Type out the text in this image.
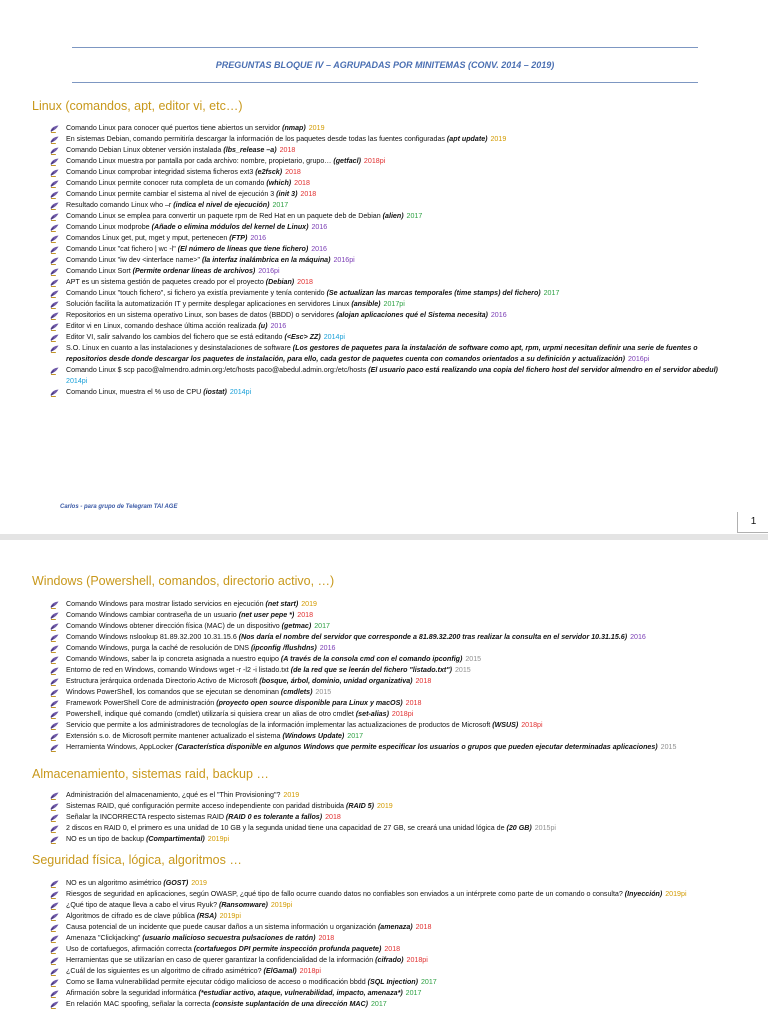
PREGUNTAS BLOQUE IV – AGRUPADAS POR MINITEMAS (CONV. 2014 – 2019)
Linux (comandos, apt, editor vi, etc…)
Comando Linux para conocer qué puertos tiene abiertos un servidor (nmap) 2019
En sistemas Debian, comando permitiría descargar la información de los paquetes desde todas las fuentes configuradas (apt update) 2019
Comando Debian Linux obtener versión instalada (lbs_release –a) 2018
Comando Linux muestra por pantalla por cada archivo: nombre, propietario, grupo… (getfacl) 2018pi
Comando Linux comprobar integridad sistema ficheros ext3 (e2fsck) 2018
Comando Linux permite conocer ruta completa de un comando (which) 2018
Comando Linux permite cambiar el sistema al nivel de ejecución 3 (init 3) 2018
Resultado comando Linux who –r (indica el nivel de ejecución) 2017
Comando Linux se emplea para convertir un paquete rpm de Red Hat en un paquete deb de Debian (alien) 2017
Comando Linux modprobe (Añade o elimina módulos del kernel de Linux) 2016
Comandos Linux get, put, mget y mput, pertenecen (FTP) 2016
Comando Linux "cat fichero | wc -l" (El número de líneas que tiene fichero) 2016
Comando Linux "iw dev <interface name>" (la interfaz inalámbrica en la máquina) 2016pi
Comando Linux Sort (Permite ordenar líneas de archivos) 2016pi
APT es un sistema gestión de paquetes creado por el proyecto (Debian) 2018
Comando Linux "touch fichero", si fichero ya existía previamente y tenía contenido (Se actualizan las marcas temporales (time stamps) del fichero) 2017
Solución facilita la automatización IT y permite desplegar aplicaciones en servidores Linux (ansible) 2017pi
Repositorios en un sistema operativo Linux, son bases de datos (BBDD) o servidores (alojan aplicaciones qué el Sistema necesita) 2016
Editor vi en Linux, comando deshace última acción realizada (u) 2016
Editor VI, salir salvando los cambios del fichero que se está editando (<Esc> ZZ) 2014pi
S.O. Linux en cuanto a las instalaciones y desinstalaciones de software (Los gestores de paquetes para la instalación de software como apt, rpm, urpmi necesitan definir una serie de fuentes o repositorios desde donde descargar los paquetes de instalación, para ello, cada gestor de paquetes cuenta con comandos orientados a su definición y actualización) 2016pi
Comando Linux $ scp paco@almendro.admin.org:/etc/hosts paco@abedul.admin.org:/etc/hosts (El usuario paco está realizando una copia del fichero host del servidor almendro en el servidor abedul) 2014pi
Comando Linux, muestra el % uso de CPU (iostat) 2014pi
Carlos - para grupo de Telegram TAI AGE
1
Windows (Powershell, comandos, directorio activo, …)
Comando Windows para mostrar listado servicios en ejecución (net start) 2019
Comando Windows cambiar contraseña de un usuario (net user pepe *) 2018
Comando Windows obtener dirección física (MAC) de un dispositivo (getmac) 2017
Comando Windows nslookup 81.89.32.200 10.31.15.6 (Nos daría el nombre del servidor que corresponde a 81.89.32.200 tras realizar la consulta en el servidor 10.31.15.6) 2016
Comando Windows, purga la caché de resolución de DNS (ipconfig /flushdns) 2016
Comando Windows, saber la ip concreta asignada a nuestro equipo (A través de la consola cmd con el comando ipconfig) 2015
Entorno de red en Windows, comando Windows wget -r -l2 -i listado.txt (de la red que se leerán del fichero "listado.txt") 2015
Estructura jerárquica ordenada Directorio Activo de Microsoft (bosque, árbol, dominio, unidad organizativa) 2018
Windows PowerShell, los comandos que se ejecutan se denominan (cmdlets) 2015
Framework PowerShell Core de administración (proyecto open source disponible para Linux y macOS) 2018
Powershell, indique qué comando (cmdlet) utilizaría si quisiera crear un alias de otro cmdlet (set-alias) 2018pi
Servicio que permite a los administradores de tecnologías de la información implementar las actualizaciones de productos de Microsoft (WSUS) 2018pi
Extensión s.o. de Microsoft permite mantener actualizado el sistema (Windows Update) 2017
Herramienta Windows, AppLocker (Característica disponible en algunos Windows que permite especificar los usuarios o grupos que pueden ejecutar determinadas aplicaciones) 2015
Almacenamiento, sistemas raid, backup …
Administración del almacenamiento, ¿qué es el "Thin Provisioning"? 2019
Sistemas RAID, qué configuración permite acceso independiente con paridad distribuida (RAID 5) 2019
Señalar la INCORRECTA respecto sistemas RAID (RAID 0 es tolerante a fallos) 2018
2 discos en RAID 0, el primero es una unidad de 10 GB y la segunda unidad tiene una capacidad de 27 GB, se creará una unidad lógica de (20 GB) 2015pi
NO es un tipo de backup (Compartimental) 2019pi
Seguridad física, lógica, algoritmos …
NO es un algoritmo asimétrico (GOST) 2019
Riesgos de seguridad en aplicaciones, según OWASP, ¿qué tipo de fallo ocurre cuando datos no confiables son enviados a un intérprete como parte de un comando o consulta? (Inyección) 2019pi
¿Qué tipo de ataque lleva a cabo el virus Ryuk? (Ransomware) 2019pi
Algoritmos de cifrado es de clave pública (RSA) 2019pi
Causa potencial de un incidente que puede causar daños a un sistema información u organización (amenaza) 2018
Amenaza "Clickjacking" (usuario malicioso secuestra pulsaciones de ratón) 2018
Uso de cortafuegos, afirmación correcta (cortafuegos DPI permite inspección profunda paquete) 2018
Herramientas que se utilizarían en caso de querer garantizar la confidencialidad de la información (cifrado) 2018pi
¿Cuál de los siguientes es un algoritmo de cifrado asimétrico? (ElGamal) 2018pi
Como se llama vulnerabilidad permite ejecutar código malicioso de acceso o modificación bbdd (SQL Injection) 2017
Afirmación sobre la seguridad informática (*estudiar activo, ataque, vulnerabilidad, impacto, amenaza*) 2017
En relación MAC spoofing, señalar la correcta (consiste suplantación de una dirección MAC) 2017
